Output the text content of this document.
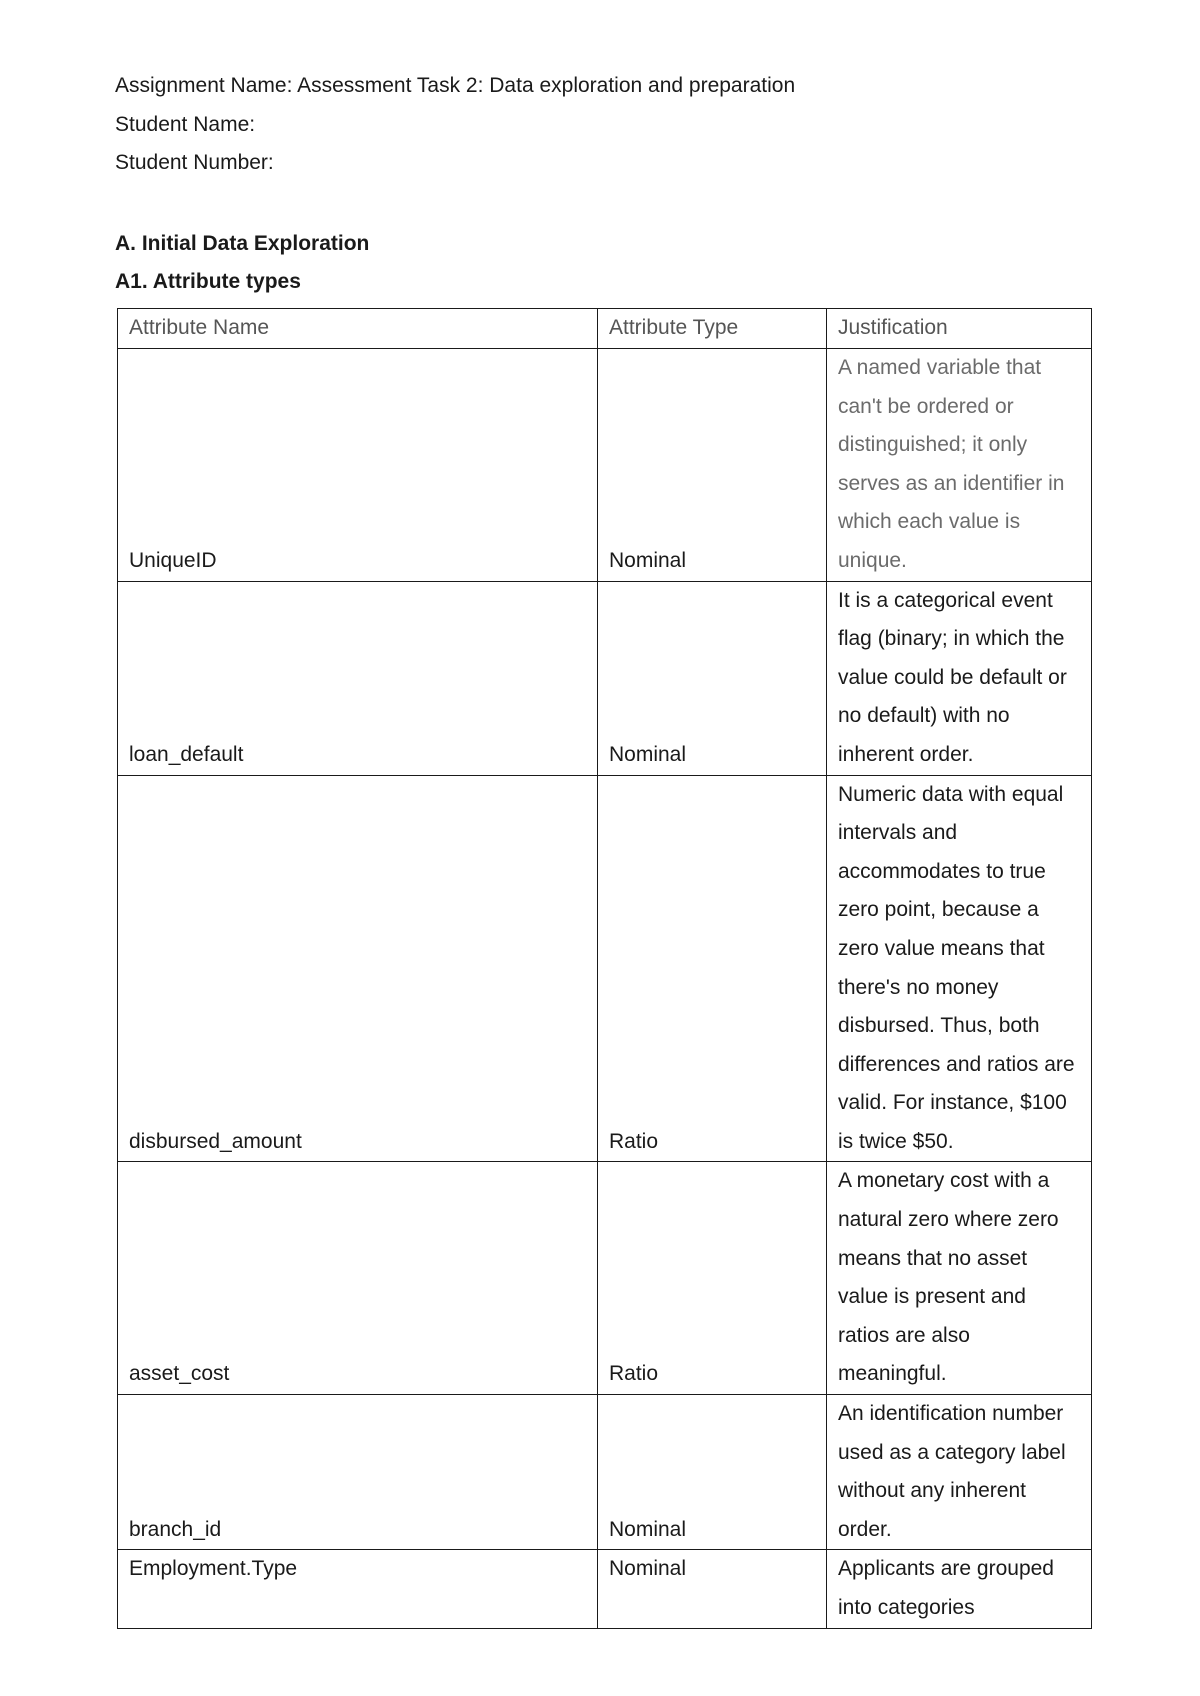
Assignment Name: Assessment Task 2: Data exploration and preparation
Student Name:
Student Number:
A. Initial Data Exploration
A1. Attribute types
Attribute Name	Attribute Type	Justification
UniqueID	Nominal	A named variable that can't be ordered or distinguished; it only serves as an identifier in which each value is unique.
loan_default	Nominal	It is a categorical event flag (binary; in which the value could be default or no default) with no inherent order.
disbursed_amount	Ratio	Numeric data with equal intervals and accommodates to true zero point, because a zero value means that there's no money disbursed. Thus, both differences and ratios are valid. For instance, $100 is twice $50.
asset_cost	Ratio	A monetary cost with a natural zero where zero means that no asset value is present and ratios are also meaningful.
branch_id	Nominal	An identification number used as a category label without any inherent order.
Employment.Type	Nominal	Applicants are grouped into categories
